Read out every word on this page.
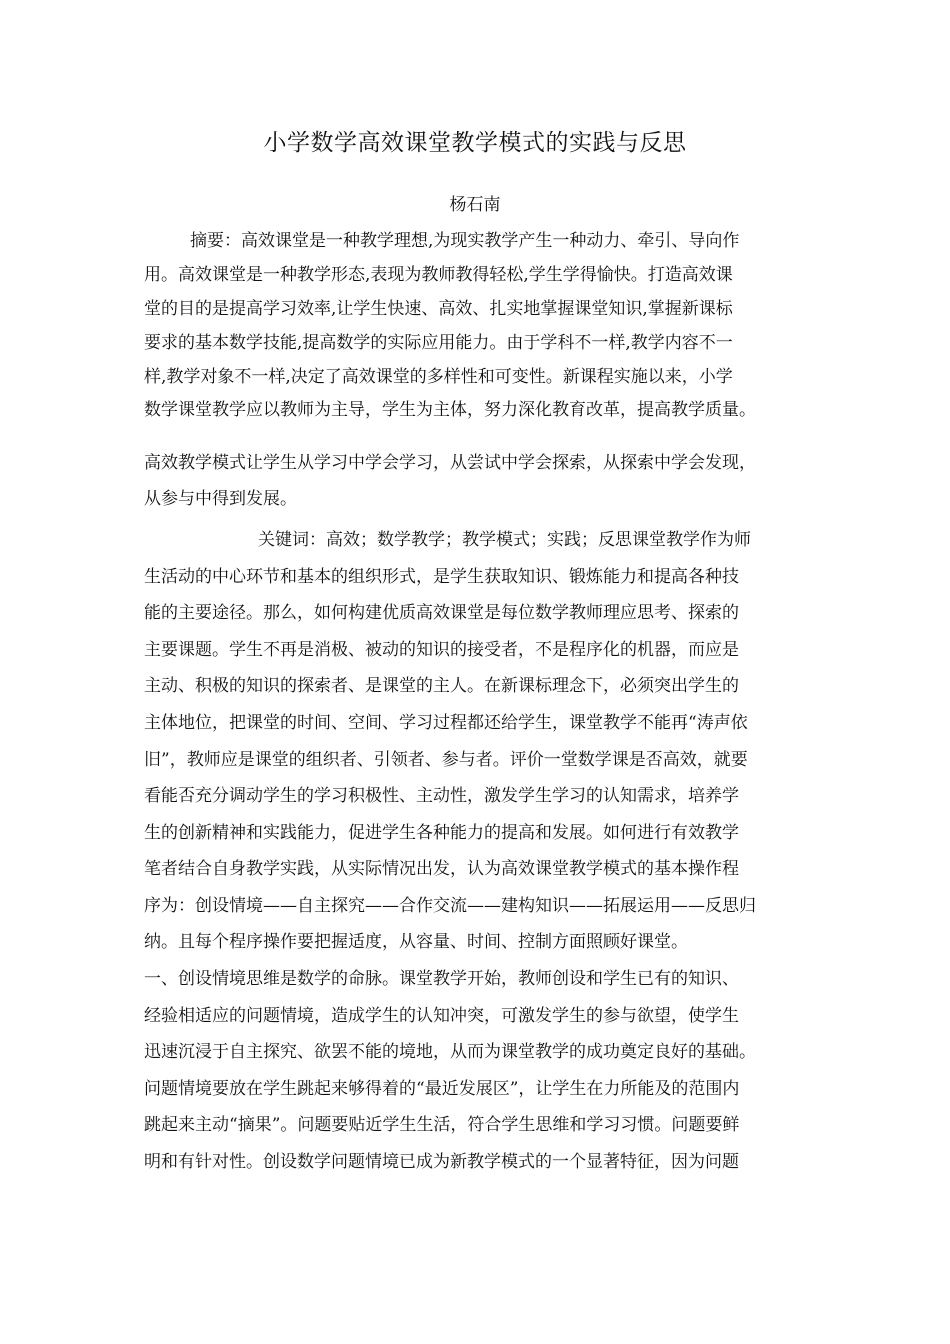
小学数学高效课堂教学模式的实践与反思
杨石南
摘要：高效课堂是一种教学理想,为现实教学产生一种动力、牵引、导向作
用。高效课堂是一种教学形态,表现为教师教得轻松,学生学得愉快。打造高效课
堂的目的是提高学习效率,让学生快速、高效、扎实地掌握课堂知识,掌握新课标
要求的基本数学技能,提高数学的实际应用能力。由于学科不一样,教学内容不一
样,教学对象不一样,决定了高效课堂的多样性和可变性。新课程实施以来，小学
数学课堂教学应以教师为主导，学生为主体，努力深化教育改革，提高教学质量。
高效教学模式让学生从学习中学会学习，从尝试中学会探索，从探索中学会发现，
从参与中得到发展。
关键词：高效；数学教学；教学模式；实践；反思课堂教学作为师
生活动的中心环节和基本的组织形式，是学生获取知识、锻炼能力和提高各种技
能的主要途径。那么，如何构建优质高效课堂是每位数学教师理应思考、探索的
主要课题。学生不再是消极、被动的知识的接受者，不是程序化的机器，而应是
主动、积极的知识的探索者、是课堂的主人。在新课标理念下，必须突出学生的
主体地位，把课堂的时间、空间、学习过程都还给学生，课堂教学不能再“涛声依
旧”，教师应是课堂的组织者、引领者、参与者。评价一堂数学课是否高效，就要
看能否充分调动学生的学习积极性、主动性，激发学生学习的认知需求，培养学
生的创新精神和实践能力，促进学生各种能力的提高和发展。如何进行有效教学
笔者结合自身教学实践，从实际情况出发，认为高效课堂教学模式的基本操作程
序为：创设情境——自主探究——合作交流——建构知识——拓展运用——反思归
纳。且每个程序操作要把握适度，从容量、时间、控制方面照顾好课堂。
一、创设情境思维是数学的命脉。课堂教学开始，教师创设和学生已有的知识、
经验相适应的问题情境，造成学生的认知冲突，可激发学生的参与欲望，使学生
迅速沉浸于自主探究、欲罢不能的境地，从而为课堂教学的成功奠定良好的基础。
问题情境要放在学生跳起来够得着的“最近发展区”，让学生在力所能及的范围内
跳起来主动“摘果”。问题要贴近学生生活，符合学生思维和学习习惯。问题要鲜
明和有针对性。创设数学问题情境已成为新教学模式的一个显著特征，因为问题
